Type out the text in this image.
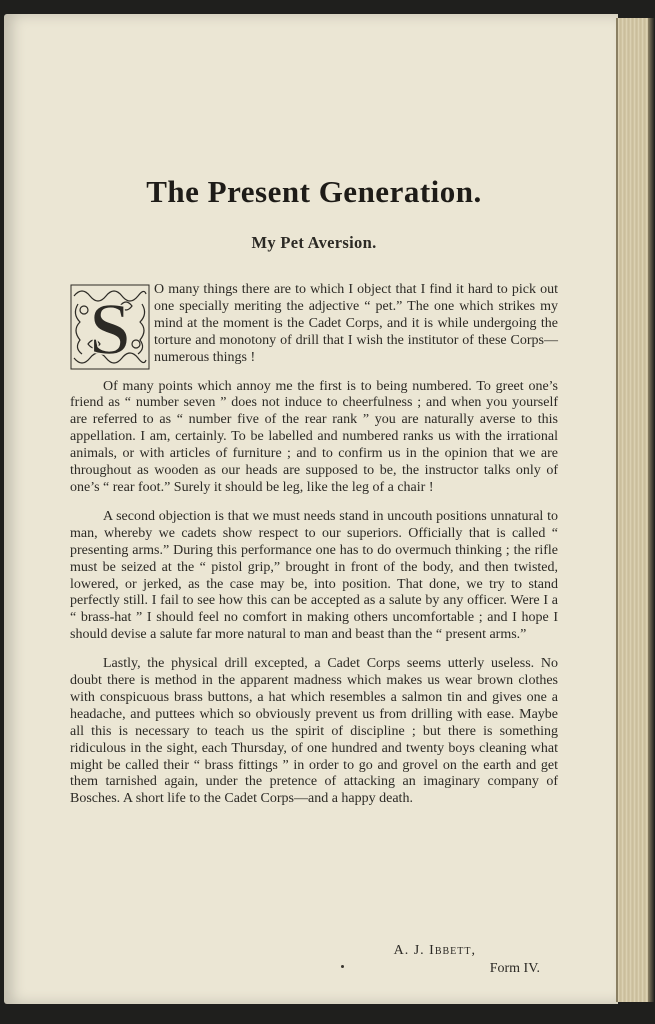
The Present Generation.
My Pet Aversion.

S O many things there are to which I object that I find it hard to pick out one specially meriting the adjective “ pet.” The one which strikes my mind at the moment is the Cadet Corps, and it is while undergoing the torture and monotony of drill that I wish the institutor of these Corps—numerous things !

Of many points which annoy me the first is to being numbered. To greet one’s friend as “ number seven ” does not induce to cheerfulness ; and when you yourself are referred to as “ number five of the rear rank ” you are naturally averse to this appellation. I am, certainly. To be labelled and numbered ranks us with the irrational animals, or with articles of furniture ; and to confirm us in the opinion that we are throughout as wooden as our heads are supposed to be, the instructor talks only of one’s “ rear foot.” Surely it should be leg, like the leg of a chair !

A second objection is that we must needs stand in uncouth positions unnatural to man, whereby we cadets show respect to our superiors. Officially that is called “ presenting arms.” During this performance one has to do overmuch thinking ; the rifle must be seized at the “ pistol grip,” brought in front of the body, and then twisted, lowered, or jerked, as the case may be, into position. That done, we try to stand perfectly still. I fail to see how this can be accepted as a salute by any officer. Were I a “ brass-hat ” I should feel no comfort in making others uncomfortable ; and I hope I should devise a salute far more natural to man and beast than the “ present arms.”

Lastly, the physical drill excepted, a Cadet Corps seems utterly useless. No doubt there is method in the apparent madness which makes us wear brown clothes with conspicuous brass buttons, a hat which resembles a salmon tin and gives one a headache, and puttees which so obviously prevent us from drilling with ease. Maybe all this is necessary to teach us the spirit of discipline ; but there is something ridiculous in the sight, each Thursday, of one hundred and twenty boys cleaning what might be called their “ brass fittings ” in order to go and grovel on the earth and get them tarnished again, under the pretence of attacking an imaginary company of Bosches. A short life to the Cadet Corps—and a happy death.

A. J. Ibbett,
Form IV.
